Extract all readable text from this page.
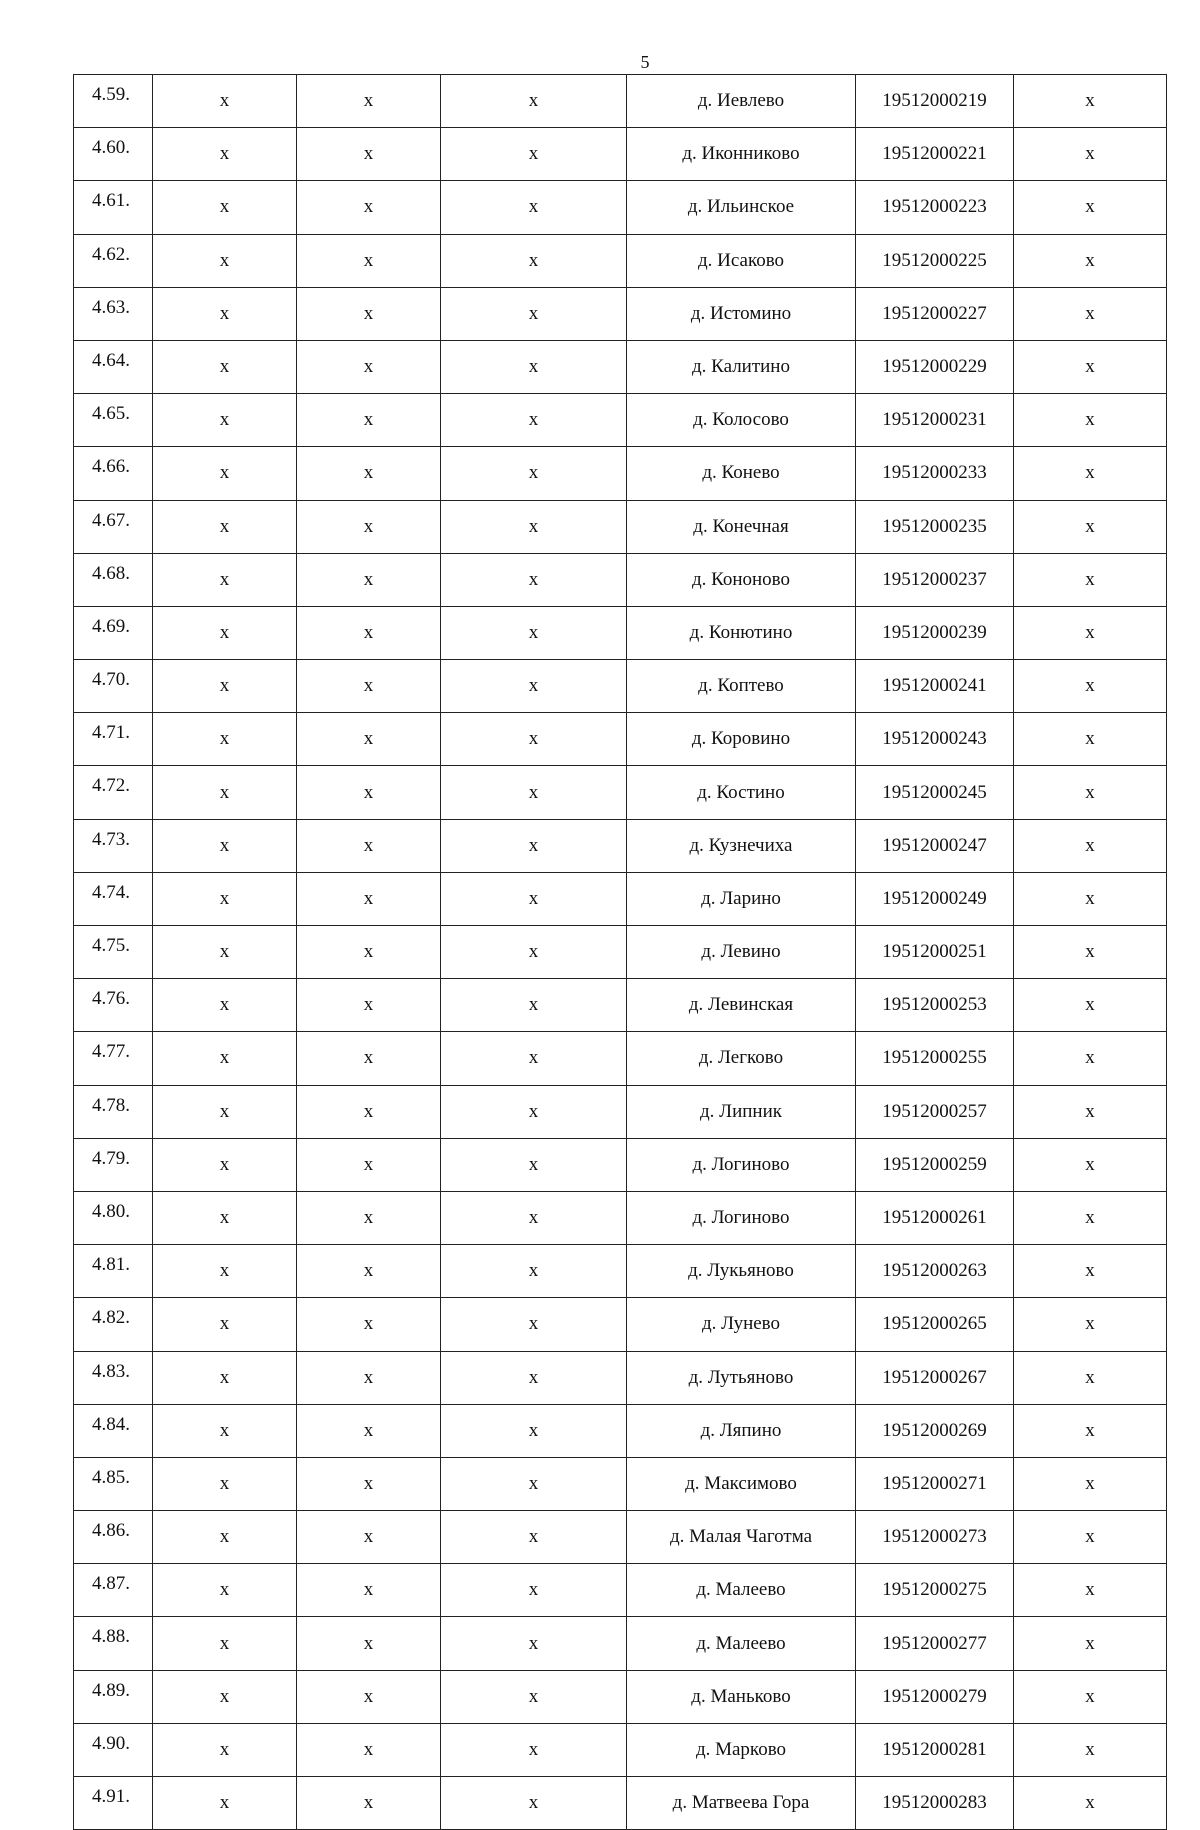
5
4.59.	x	x	x	д. Иевлево	19512000219	x
4.60.	x	x	x	д. Иконниково	19512000221	x
4.61.	x	x	x	д. Ильинское	19512000223	x
4.62.	x	x	x	д. Исаково	19512000225	x
4.63.	x	x	x	д. Истомино	19512000227	x
4.64.	x	x	x	д. Калитино	19512000229	x
4.65.	x	x	x	д. Колосово	19512000231	x
4.66.	x	x	x	д. Конево	19512000233	x
4.67.	x	x	x	д. Конечная	19512000235	x
4.68.	x	x	x	д. Кононово	19512000237	x
4.69.	x	x	x	д. Конютино	19512000239	x
4.70.	x	x	x	д. Коптево	19512000241	x
4.71.	x	x	x	д. Коровино	19512000243	x
4.72.	x	x	x	д. Костино	19512000245	x
4.73.	x	x	x	д. Кузнечиха	19512000247	x
4.74.	x	x	x	д. Ларино	19512000249	x
4.75.	x	x	x	д. Левино	19512000251	x
4.76.	x	x	x	д. Левинская	19512000253	x
4.77.	x	x	x	д. Легково	19512000255	x
4.78.	x	x	x	д. Липник	19512000257	x
4.79.	x	x	x	д. Логиново	19512000259	x
4.80.	x	x	x	д. Логиново	19512000261	x
4.81.	x	x	x	д. Лукьяново	19512000263	x
4.82.	x	x	x	д. Лунево	19512000265	x
4.83.	x	x	x	д. Лутьяново	19512000267	x
4.84.	x	x	x	д. Ляпино	19512000269	x
4.85.	x	x	x	д. Максимово	19512000271	x
4.86.	x	x	x	д. Малая Чаготма	19512000273	x
4.87.	x	x	x	д. Малеево	19512000275	x
4.88.	x	x	x	д. Малеево	19512000277	x
4.89.	x	x	x	д. Маньково	19512000279	x
4.90.	x	x	x	д. Марково	19512000281	x
4.91.	x	x	x	д. Матвеева Гора	19512000283	x
